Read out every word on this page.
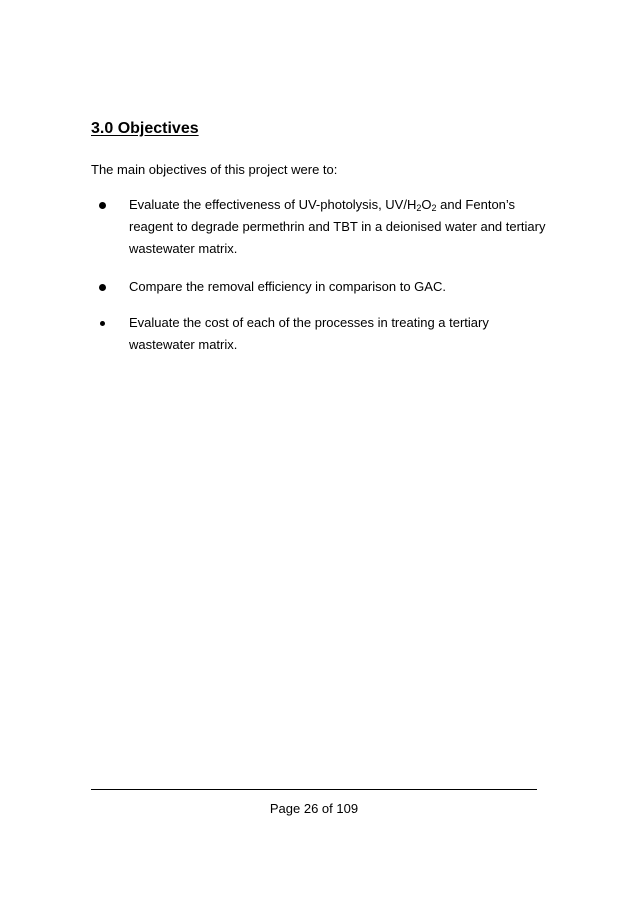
3.0 Objectives

The main objectives of this project were to:

Evaluate the effectiveness of UV-photolysis, $UV/H_2O_2$ and Fenton’s
reagent to degrade permethrin and TBT in a deionised water and tertiary
wastewater matrix.
Compare the removal efficiency in comparison to GAC.
Evaluate the cost of each of the processes in treating a tertiary
wastewater matrix.

Page 26 of 109
